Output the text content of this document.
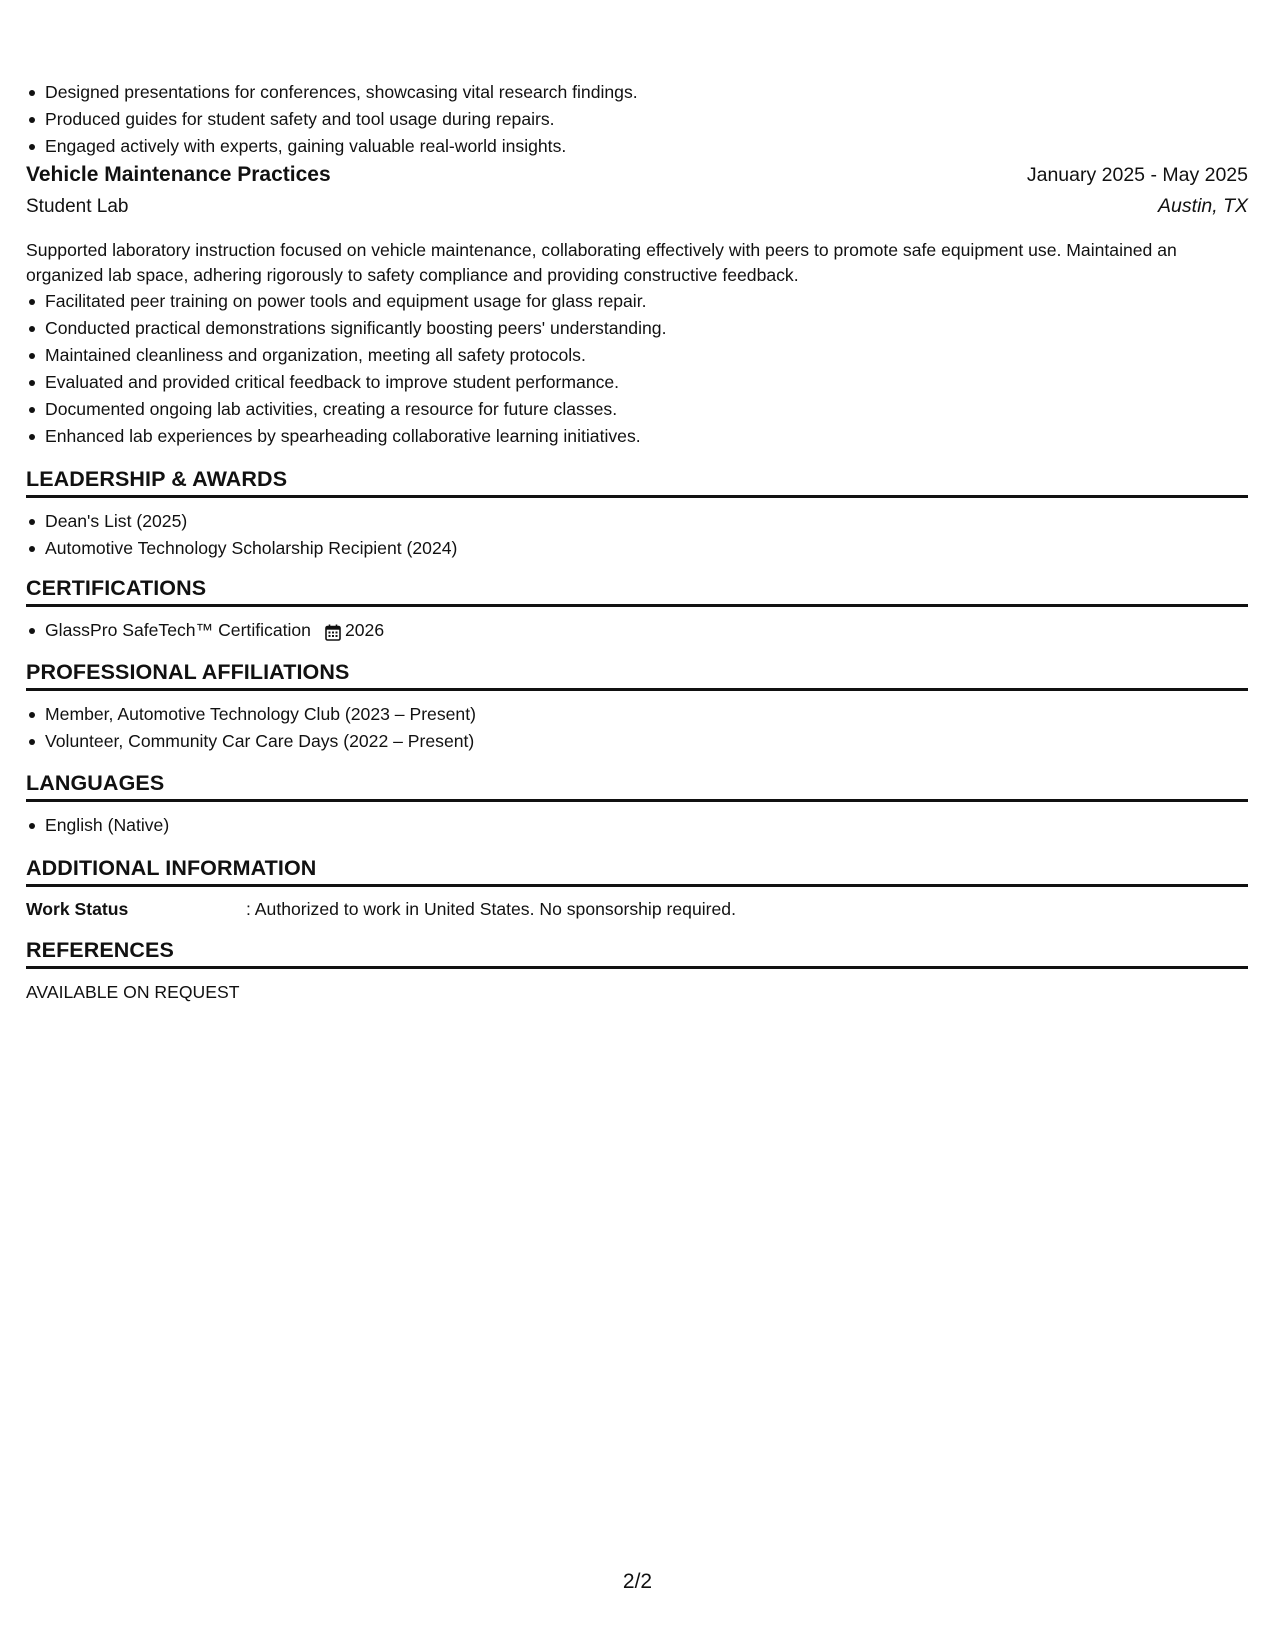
Designed presentations for conferences, showcasing vital research findings.
Produced guides for student safety and tool usage during repairs.
Engaged actively with experts, gaining valuable real-world insights.
Vehicle Maintenance Practices	January 2025 - May 2025
Student Lab	Austin, TX
Supported laboratory instruction focused on vehicle maintenance, collaborating effectively with peers to promote safe equipment use. Maintained an organized lab space, adhering rigorously to safety compliance and providing constructive feedback.
Facilitated peer training on power tools and equipment usage for glass repair.
Conducted practical demonstrations significantly boosting peers' understanding.
Maintained cleanliness and organization, meeting all safety protocols.
Evaluated and provided critical feedback to improve student performance.
Documented ongoing lab activities, creating a resource for future classes.
Enhanced lab experiences by spearheading collaborative learning initiatives.
LEADERSHIP & AWARDS
Dean's List (2025)
Automotive Technology Scholarship Recipient (2024)
CERTIFICATIONS
GlassPro SafeTech™ Certification 2026
PROFESSIONAL AFFILIATIONS
Member, Automotive Technology Club (2023 – Present)
Volunteer, Community Car Care Days (2022 – Present)
LANGUAGES
English (Native)
ADDITIONAL INFORMATION
Work Status	: Authorized to work in United States. No sponsorship required.
REFERENCES
AVAILABLE ON REQUEST
2/2
